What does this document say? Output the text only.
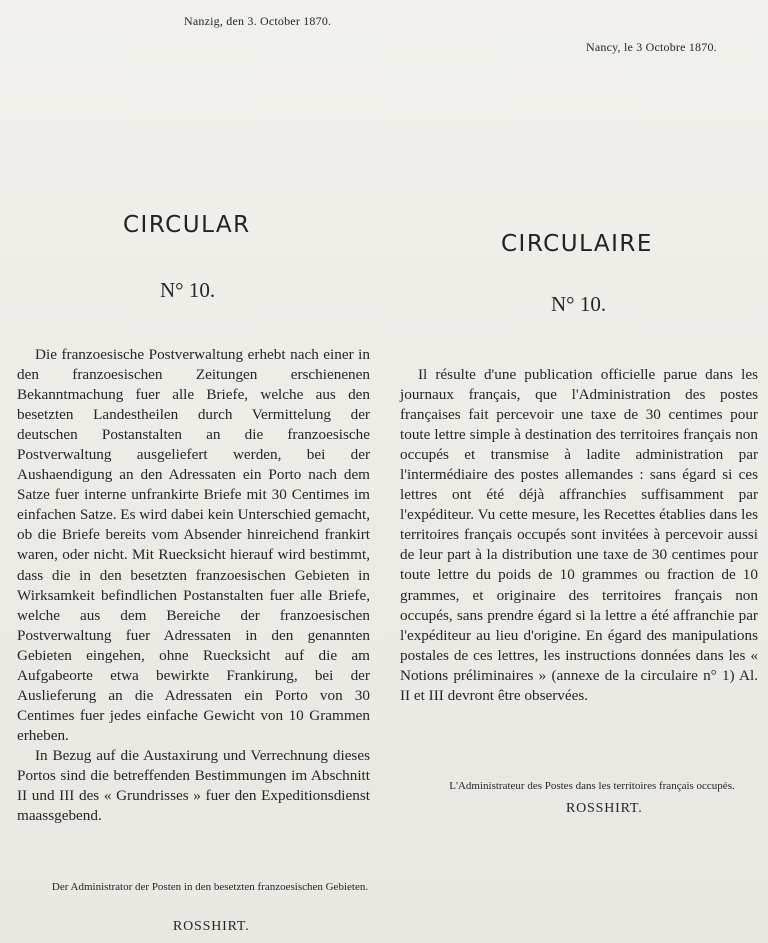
Nanzig, den 3. October 1870.
CIRCULAR
N° 10.

Die franzoesische Postverwaltung erhebt nach einer in den franzoesischen Zeitungen erschienenen Bekanntmachung fuer alle Briefe, welche aus den besetzten Landestheilen durch Vermittelung der deutschen Postanstalten an die franzoesische Postverwaltung ausgeliefert werden, bei der Aushaendigung an den Adressaten ein Porto nach dem Satze fuer interne unfrankirte Briefe mit 30 Centimes im einfachen Satze. Es wird dabei kein Unterschied gemacht, ob die Briefe bereits vom Absender hinreichend frankirt waren, oder nicht. Mit Ruecksicht hierauf wird bestimmt, dass die in den besetzten franzoesischen Gebieten in Wirksamkeit befindlichen Postanstalten fuer alle Briefe, welche aus dem Bereiche der franzoesischen Postverwaltung fuer Adressaten in den genannten Gebieten eingehen, ohne Ruecksicht auf die am Aufgabeorte etwa bewirkte Frankirung, bei der Auslieferung an die Adressaten ein Porto von 30 Centimes fuer jedes einfache Gewicht von 10 Grammen erheben.

In Bezug auf die Austaxirung und Verrechnung dieses Portos sind die betreffenden Bestimmungen im Abschnitt II und III des « Grundrisses » fuer den Expeditionsdienst maassgebend.

Der Administrator der Posten in den besetzten franzoesischen Gebieten.
ROSSHIRT.
Nancy, le 3 Octobre 1870.
CIRCULAIRE
N° 10.

Il résulte d'une publication officielle parue dans les journaux français, que l'Administration des postes françaises fait percevoir une taxe de 30 centimes pour toute lettre simple à destination des territoires français non occupés et transmise à ladite administration par l'intermédiaire des postes allemandes : sans égard si ces lettres ont été déjà affranchies suffisamment par l'expéditeur. Vu cette mesure, les Recettes établies dans les territoires français occupés sont invitées à percevoir aussi de leur part à la distribution une taxe de 30 centimes pour toute lettre du poids de 10 grammes ou fraction de 10 grammes, et originaire des territoires français non occupés, sans prendre égard si la lettre a été affranchie par l'expéditeur au lieu d'origine. En égard des manipulations postales de ces lettres, les instructions données dans les « Notions préliminaires » (annexe de la circulaire n° 1) Al. II et III devront être observées.

L'Administrateur des Postes dans les territoires français occupés.
ROSSHIRT.
